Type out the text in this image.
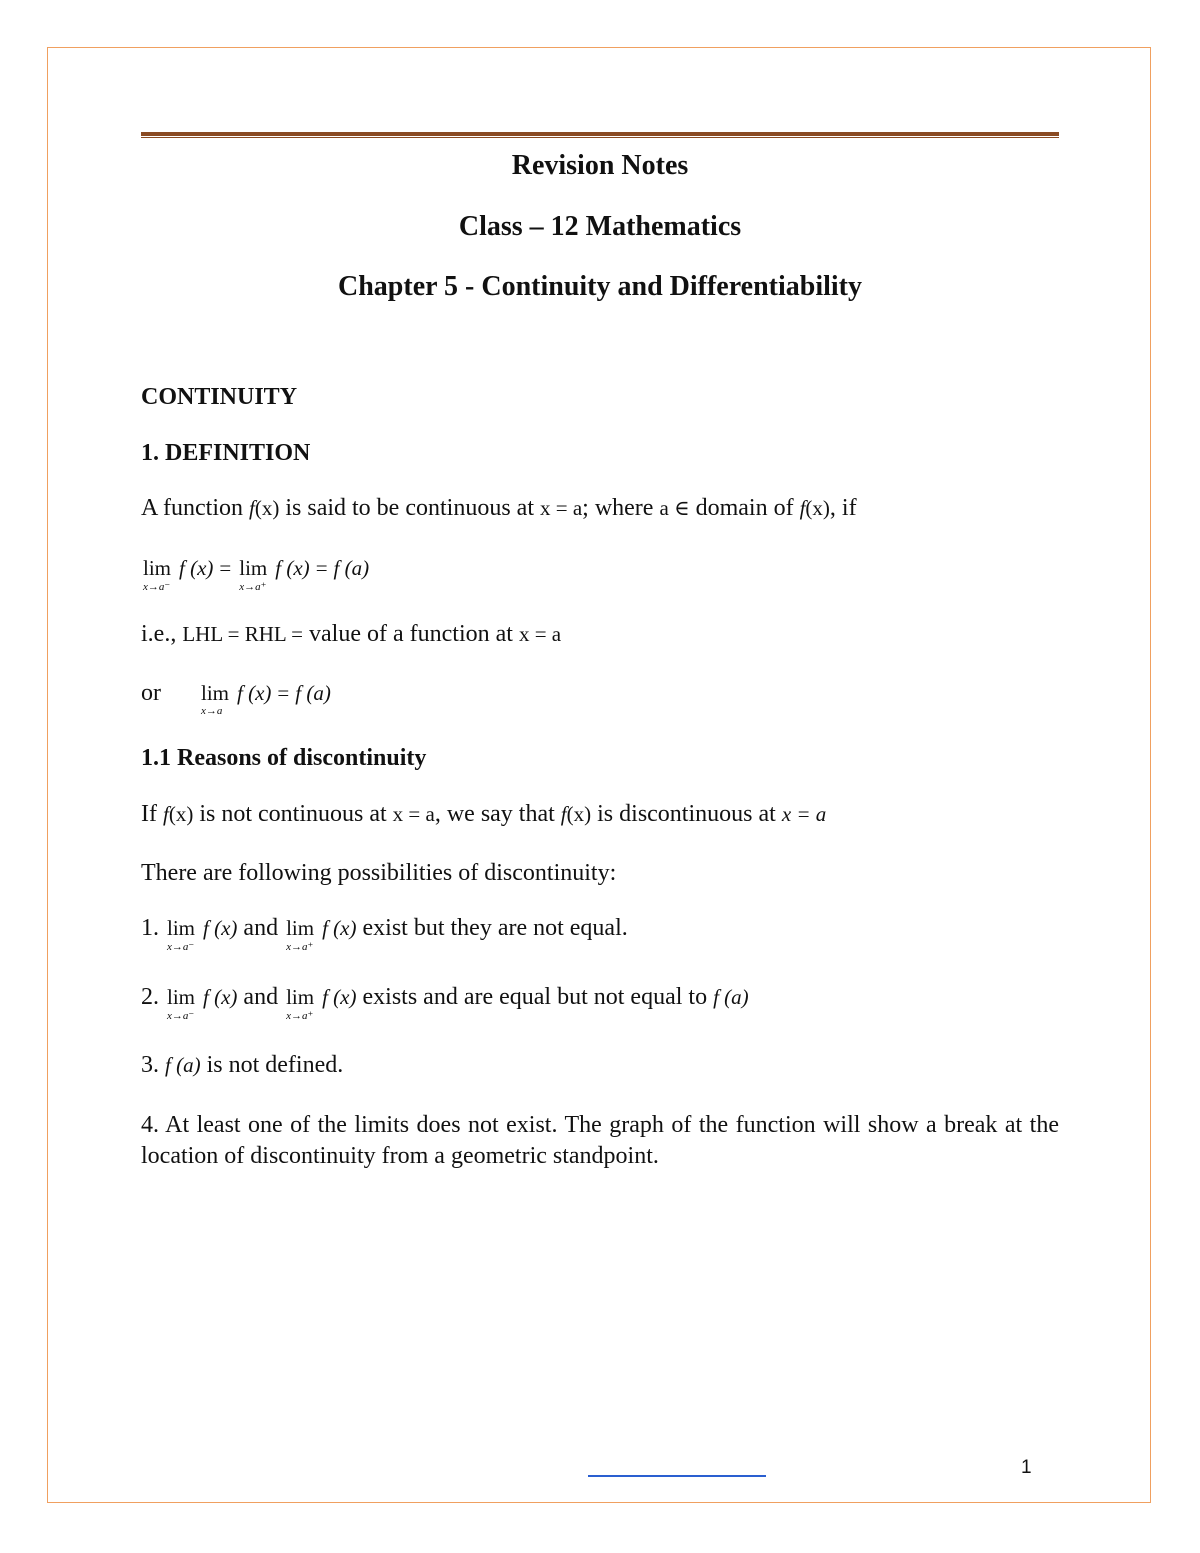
Revision Notes
Class – 12 Mathematics
Chapter 5 - Continuity and Differentiability
CONTINUITY
1. DEFINITION
A function f(x) is said to be continuous at x = a; where a ∈ domain of f(x), if
lim
x→a⁻
f (x) = lim
x→a⁺
f (x) = f (a)
i.e., LHL = RHL = value of a function at x = a
or lim
x→a
f (x) = f (a)
1.1 Reasons of discontinuity
If f(x) is not continuous at x = a, we say that f(x) is discontinuous at x = a
There are following possibilities of discontinuity:
1. lim
x→a⁻
f (x) and lim
x→a⁺
f (x) exist but they are not equal.
2. lim
x→a⁻
f (x) and lim
x→a⁺
f (x) exists and are equal but not equal to f (a)
3. f (a) is not defined.
4. At least one of the limits does not exist. The graph of the function will show a break at the location of discontinuity from a geometric standpoint.
1
